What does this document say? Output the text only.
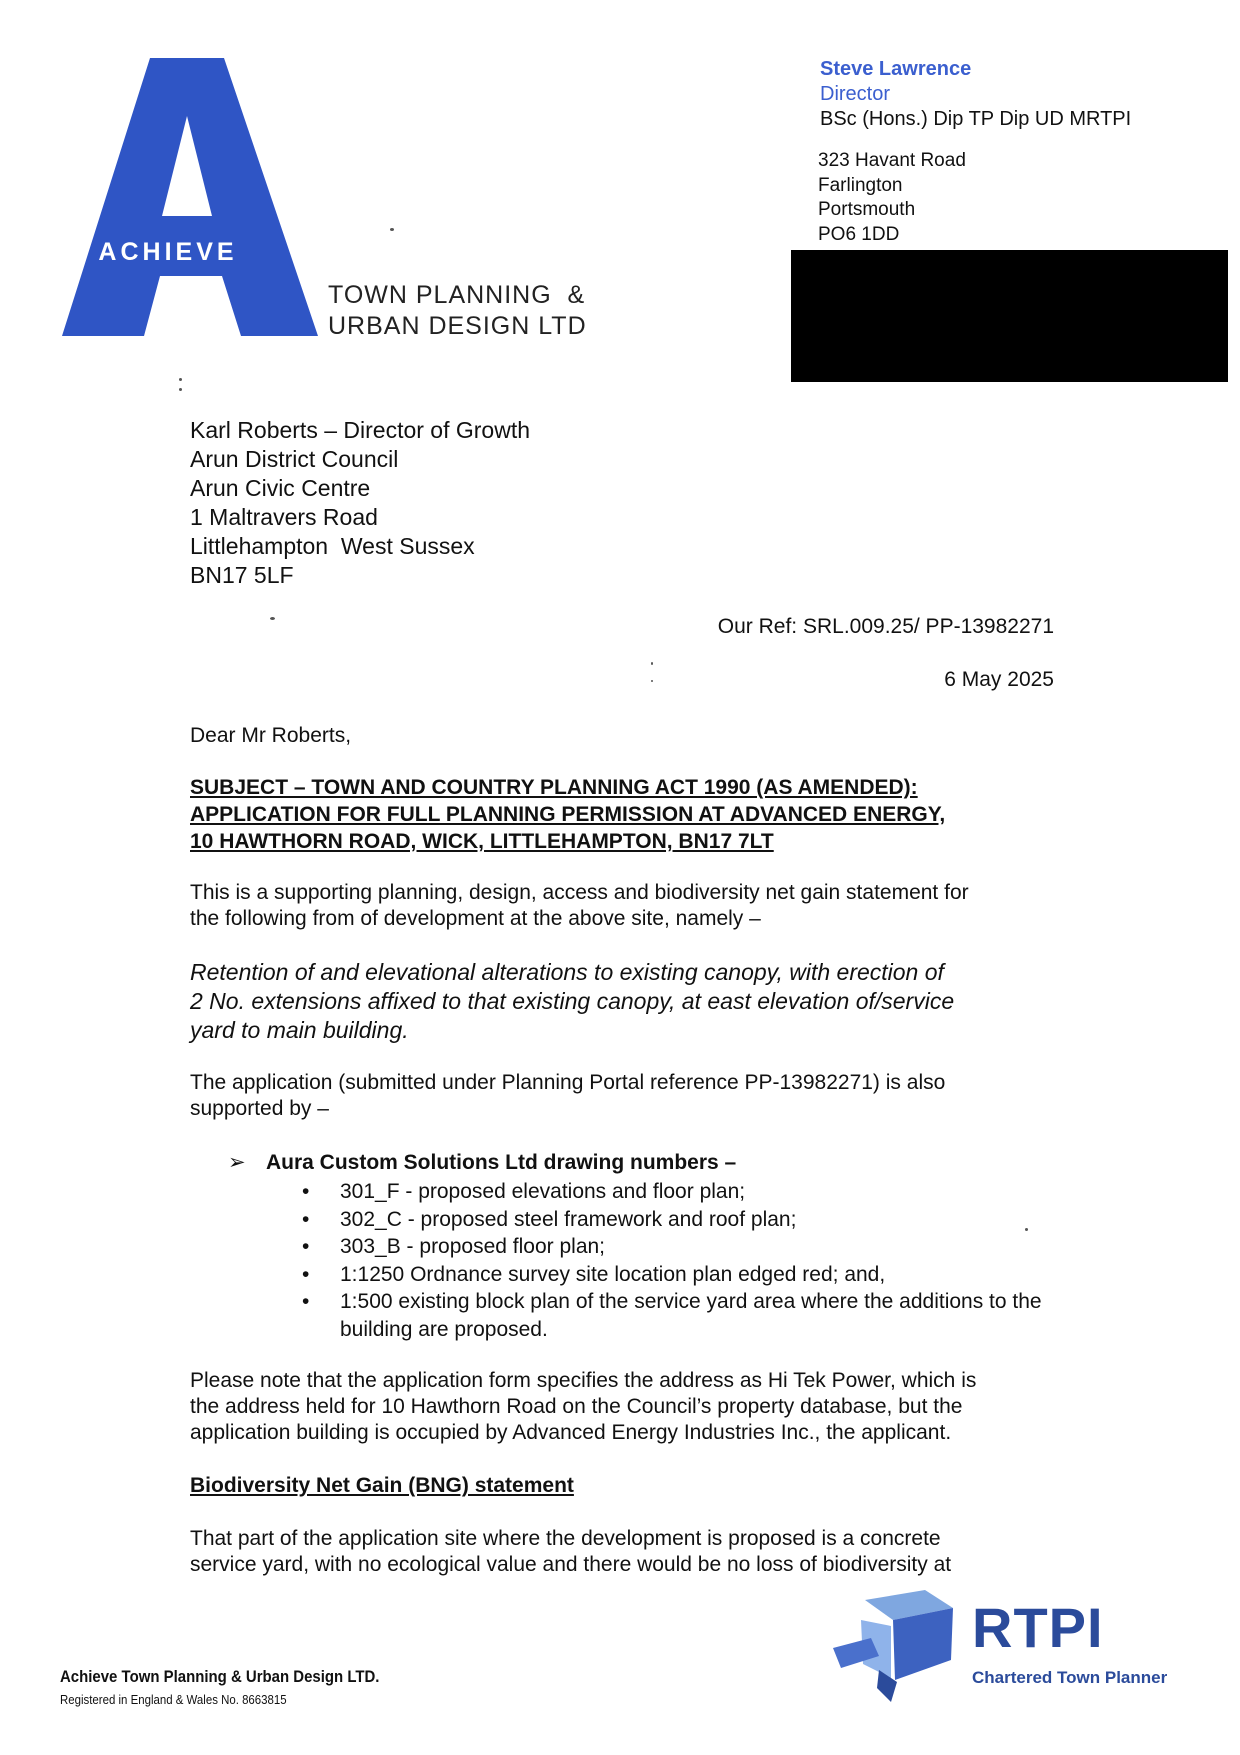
ACHIEVE
TOWN PLANNING  &
URBAN DESIGN LTD
Steve Lawrence
Director
BSc (Hons.) Dip TP Dip UD MRTPI
323 Havant Road
Farlington
Portsmouth
PO6 1DD
Karl Roberts – Director of Growth
Arun District Council
Arun Civic Centre
1 Maltravers Road
Littlehampton  West Sussex
BN17 5LF
Our Ref: SRL.009.25/ PP-13982271
6 May 2025
Dear Mr Roberts,
SUBJECT – TOWN AND COUNTRY PLANNING ACT 1990 (AS AMENDED):
APPLICATION FOR FULL PLANNING PERMISSION AT ADVANCED ENERGY,
10 HAWTHORN ROAD, WICK, LITTLEHAMPTON, BN17 7LT
This is a supporting planning, design, access and biodiversity net gain statement for
the following from of development at the above site, namely –
Retention of and elevational alterations to existing canopy, with erection of
2 No. extensions affixed to that existing canopy, at east elevation of/service
yard to main building.
The application (submitted under Planning Portal reference PP-13982271) is also
supported by –
➢ Aura Custom Solutions Ltd drawing numbers –
• 301_F - proposed elevations and floor plan;
• 302_C - proposed steel framework and roof plan;
• 303_B - proposed floor plan;
• 1:1250 Ordnance survey site location plan edged red; and,
• 1:500 existing block plan of the service yard area where the additions to the building are proposed.
Please note that the application form specifies the address as Hi Tek Power, which is
the address held for 10 Hawthorn Road on the Council’s property database, but the
application building is occupied by Advanced Energy Industries Inc., the applicant.
Biodiversity Net Gain (BNG) statement
That part of the application site where the development is proposed is a concrete
service yard, with no ecological value and there would be no loss of biodiversity at
Achieve Town Planning & Urban Design LTD.
Registered in England & Wales No. 8663815
RTPI
Chartered Town Planner
